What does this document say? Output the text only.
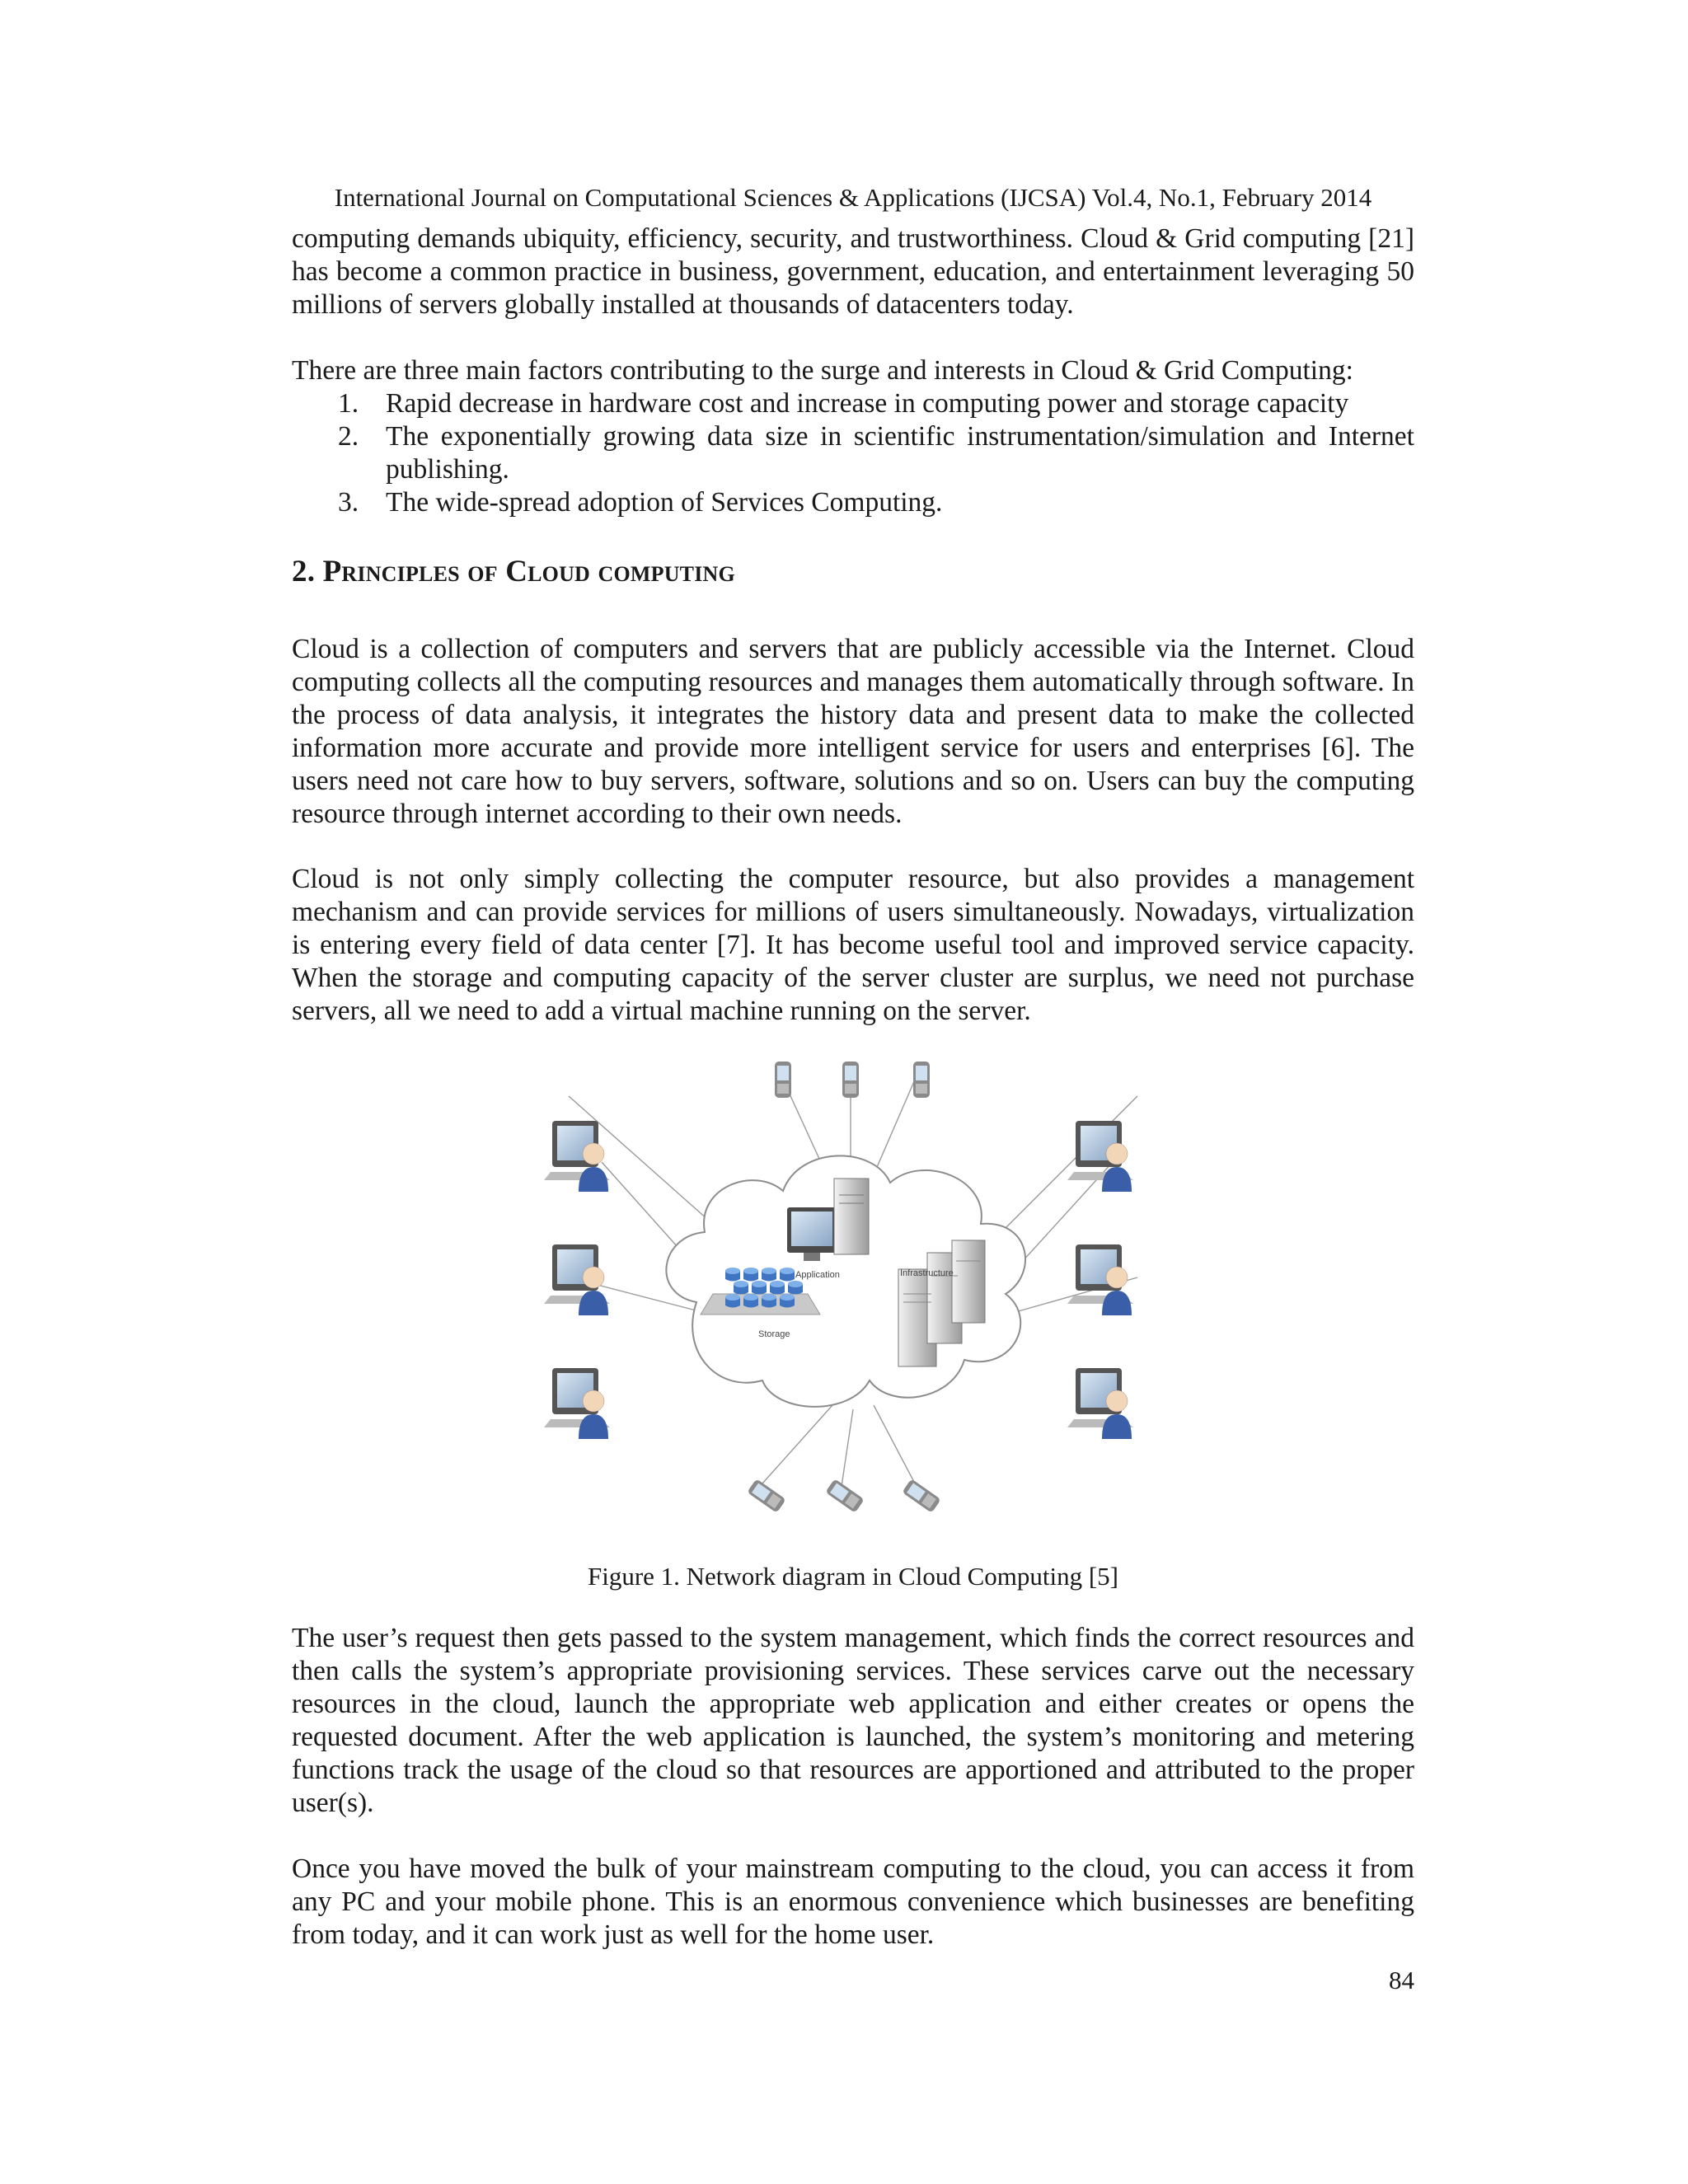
International Journal on Computational Sciences & Applications (IJCSA) Vol.4, No.1, February 2014
computing demands ubiquity, efficiency, security, and trustworthiness. Cloud & Grid computing [21] has become a common practice in business, government, education, and entertainment leveraging 50 millions of servers globally installed at thousands of datacenters today.
There are three main factors contributing to the surge and interests in Cloud & Grid Computing:
1. Rapid decrease in hardware cost and increase in computing power and storage capacity
2. The exponentially growing data size in scientific instrumentation/simulation and Internet publishing.
3. The wide-spread adoption of Services Computing.
2. Principles of Cloud computing
Cloud is a collection of computers and servers that are publicly accessible via the Internet. Cloud computing collects all the computing resources and manages them automatically through software. In the process of data analysis, it integrates the history data and present data to make the collected information more accurate and provide more intelligent service for users and enterprises [6]. The users need not care how to buy servers, software, solutions and so on. Users can buy the computing resource through internet according to their own needs.
Cloud is not only simply collecting the computer resource, but also provides a management mechanism and can provide services for millions of users simultaneously. Nowadays, virtualization is entering every field of data center [7]. It has become useful tool and improved service capacity. When the storage and computing capacity of the server cluster are surplus, we need not purchase servers, all we need to add a virtual machine running on the server.
Application	Infrastructure
Storage
Figure 1. Network diagram in Cloud Computing [5]
The user’s request then gets passed to the system management, which finds the correct resources and then calls the system’s appropriate provisioning services. These services carve out the necessary resources in the cloud, launch the appropriate web application and either creates or opens the requested document. After the web application is launched, the system’s monitoring and metering functions track the usage of the cloud so that resources are apportioned and attributed to the proper user(s).
Once you have moved the bulk of your mainstream computing to the cloud, you can access it from any PC and your mobile phone. This is an enormous convenience which businesses are benefiting from today, and it can work just as well for the home user.
84
